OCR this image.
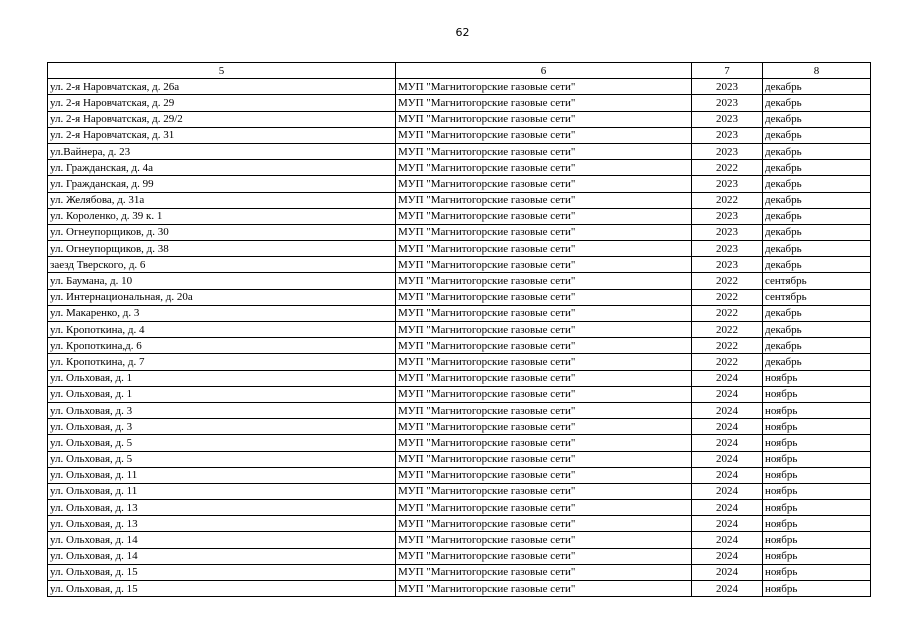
62
5	6	7	8
ул. 2-я Наровчатская, д. 26а	МУП "Магнитогорские газовые сети"	2023	декабрь
ул. 2-я Наровчатская, д. 29	МУП "Магнитогорские газовые сети"	2023	декабрь
ул. 2-я Наровчатская, д. 29/2	МУП "Магнитогорские газовые сети"	2023	декабрь
ул. 2-я Наровчатская, д. 31	МУП "Магнитогорские газовые сети"	2023	декабрь
ул.Вайнера, д. 23	МУП "Магнитогорские газовые сети"	2023	декабрь
ул. Гражданская, д. 4а	МУП "Магнитогорские газовые сети"	2022	декабрь
ул. Гражданская, д. 99	МУП "Магнитогорские газовые сети"	2023	декабрь
ул. Желябова, д. 31а	МУП "Магнитогорские газовые сети"	2022	декабрь
ул. Короленко, д. 39 к. 1	МУП "Магнитогорские газовые сети"	2023	декабрь
ул. Огнеупорщиков, д. 30	МУП "Магнитогорские газовые сети"	2023	декабрь
ул. Огнеупорщиков, д. 38	МУП "Магнитогорские газовые сети"	2023	декабрь
заезд Тверского, д. 6	МУП "Магнитогорские газовые сети"	2023	декабрь
ул. Баумана, д. 10	МУП "Магнитогорские газовые сети"	2022	сентябрь
ул. Интернациональная, д. 20а	МУП "Магнитогорские газовые сети"	2022	сентябрь
ул. Макаренко, д. 3	МУП "Магнитогорские газовые сети"	2022	декабрь
ул. Кропоткина, д. 4	МУП "Магнитогорские газовые сети"	2022	декабрь
ул. Кропоткина,д. 6	МУП "Магнитогорские газовые сети"	2022	декабрь
ул. Кропоткина, д. 7	МУП "Магнитогорские газовые сети"	2022	декабрь
ул. Ольховая, д. 1	МУП "Магнитогорские газовые сети"	2024	ноябрь
ул. Ольховая, д. 1	МУП "Магнитогорские газовые сети"	2024	ноябрь
ул. Ольховая, д. 3	МУП "Магнитогорские газовые сети"	2024	ноябрь
ул. Ольховая, д. 3	МУП "Магнитогорские газовые сети"	2024	ноябрь
ул. Ольховая, д. 5	МУП "Магнитогорские газовые сети"	2024	ноябрь
ул. Ольховая, д. 5	МУП "Магнитогорские газовые сети"	2024	ноябрь
ул. Ольховая, д. 11	МУП "Магнитогорские газовые сети"	2024	ноябрь
ул. Ольховая, д. 11	МУП "Магнитогорские газовые сети"	2024	ноябрь
ул. Ольховая, д. 13	МУП "Магнитогорские газовые сети"	2024	ноябрь
ул. Ольховая, д. 13	МУП "Магнитогорские газовые сети"	2024	ноябрь
ул. Ольховая, д. 14	МУП "Магнитогорские газовые сети"	2024	ноябрь
ул. Ольховая, д. 14	МУП "Магнитогорские газовые сети"	2024	ноябрь
ул. Ольховая, д. 15	МУП "Магнитогорские газовые сети"	2024	ноябрь
ул. Ольховая, д. 15	МУП "Магнитогорские газовые сети"	2024	ноябрь
